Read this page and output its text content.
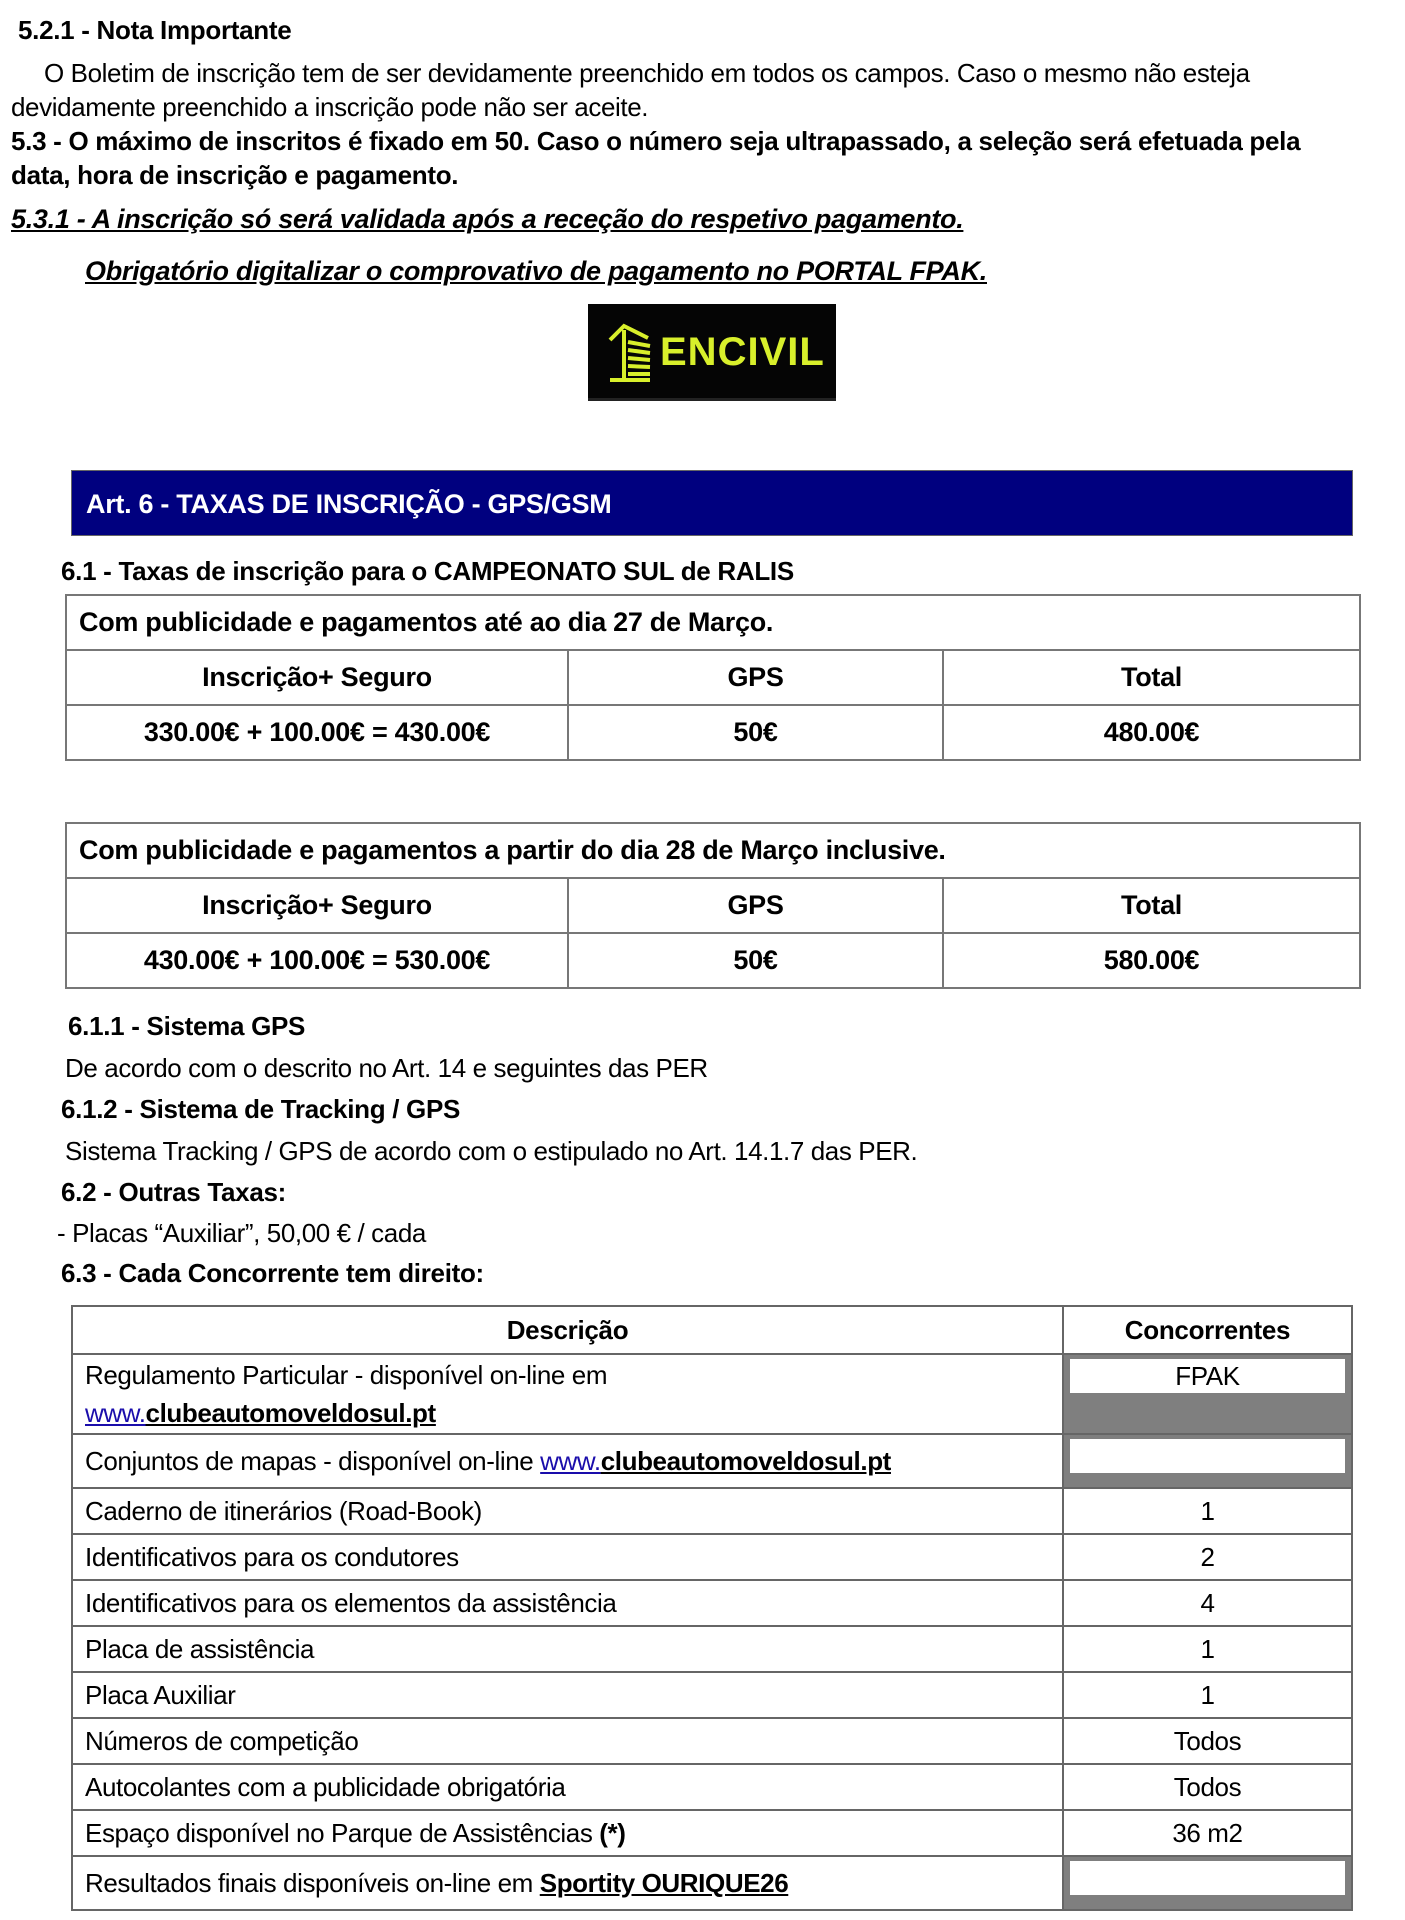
5.2.1 - Nota Importante
O Boletim de inscrição tem de ser devidamente preenchido em todos os campos. Caso o mesmo não esteja
devidamente preenchido a inscrição pode não ser aceite.
5.3 - O máximo de inscritos é fixado em 50. Caso o número seja ultrapassado, a seleção será efetuada pela
data, hora de inscrição e pagamento.
5.3.1 - A inscrição só será validada após a receção do respetivo pagamento.
Obrigatório digitalizar o comprovativo de pagamento no PORTAL FPAK.
ENCIVIL
Art. 6 - TAXAS DE INSCRIÇÃO - GPS/GSM
6.1 - Taxas de inscrição para o CAMPEONATO SUL de RALIS
Com publicidade e pagamentos até ao dia 27 de Março.		
Inscrição+ Seguro	GPS	Total
330.00€ + 100.00€ = 430.00€	50€	480.00€
Com publicidade e pagamentos a partir do dia 28 de Março inclusive.		
Inscrição+ Seguro	GPS	Total
430.00€ + 100.00€ = 530.00€	50€	580.00€
6.1.1 - Sistema GPS
De acordo com o descrito no Art. 14 e seguintes das PER
6.1.2 - Sistema de Tracking / GPS
Sistema Tracking / GPS de acordo com o estipulado no Art. 14.1.7 das PER.
6.2 - Outras Taxas:
- Placas “Auxiliar”, 50,00 € / cada
6.3 - Cada Concorrente tem direito:
Descrição	Concorrentes
Regulamento Particular - disponível on-line em
www.clubeautomoveldosul.pt	FPAK

Conjuntos de mapas - disponível on-line www.clubeautomoveldosul.pt	

Caderno de itinerários (Road-Book)	1
Identificativos para os condutores	2
Identificativos para os elementos da assistência	4
Placa de assistência	1
Placa Auxiliar	1
Números de competição	Todos
Autocolantes com a publicidade obrigatória	Todos
Espaço disponível no Parque de Assistências (*)	36 m2
Resultados finais disponíveis on-line em Sportity OURIQUE26	
